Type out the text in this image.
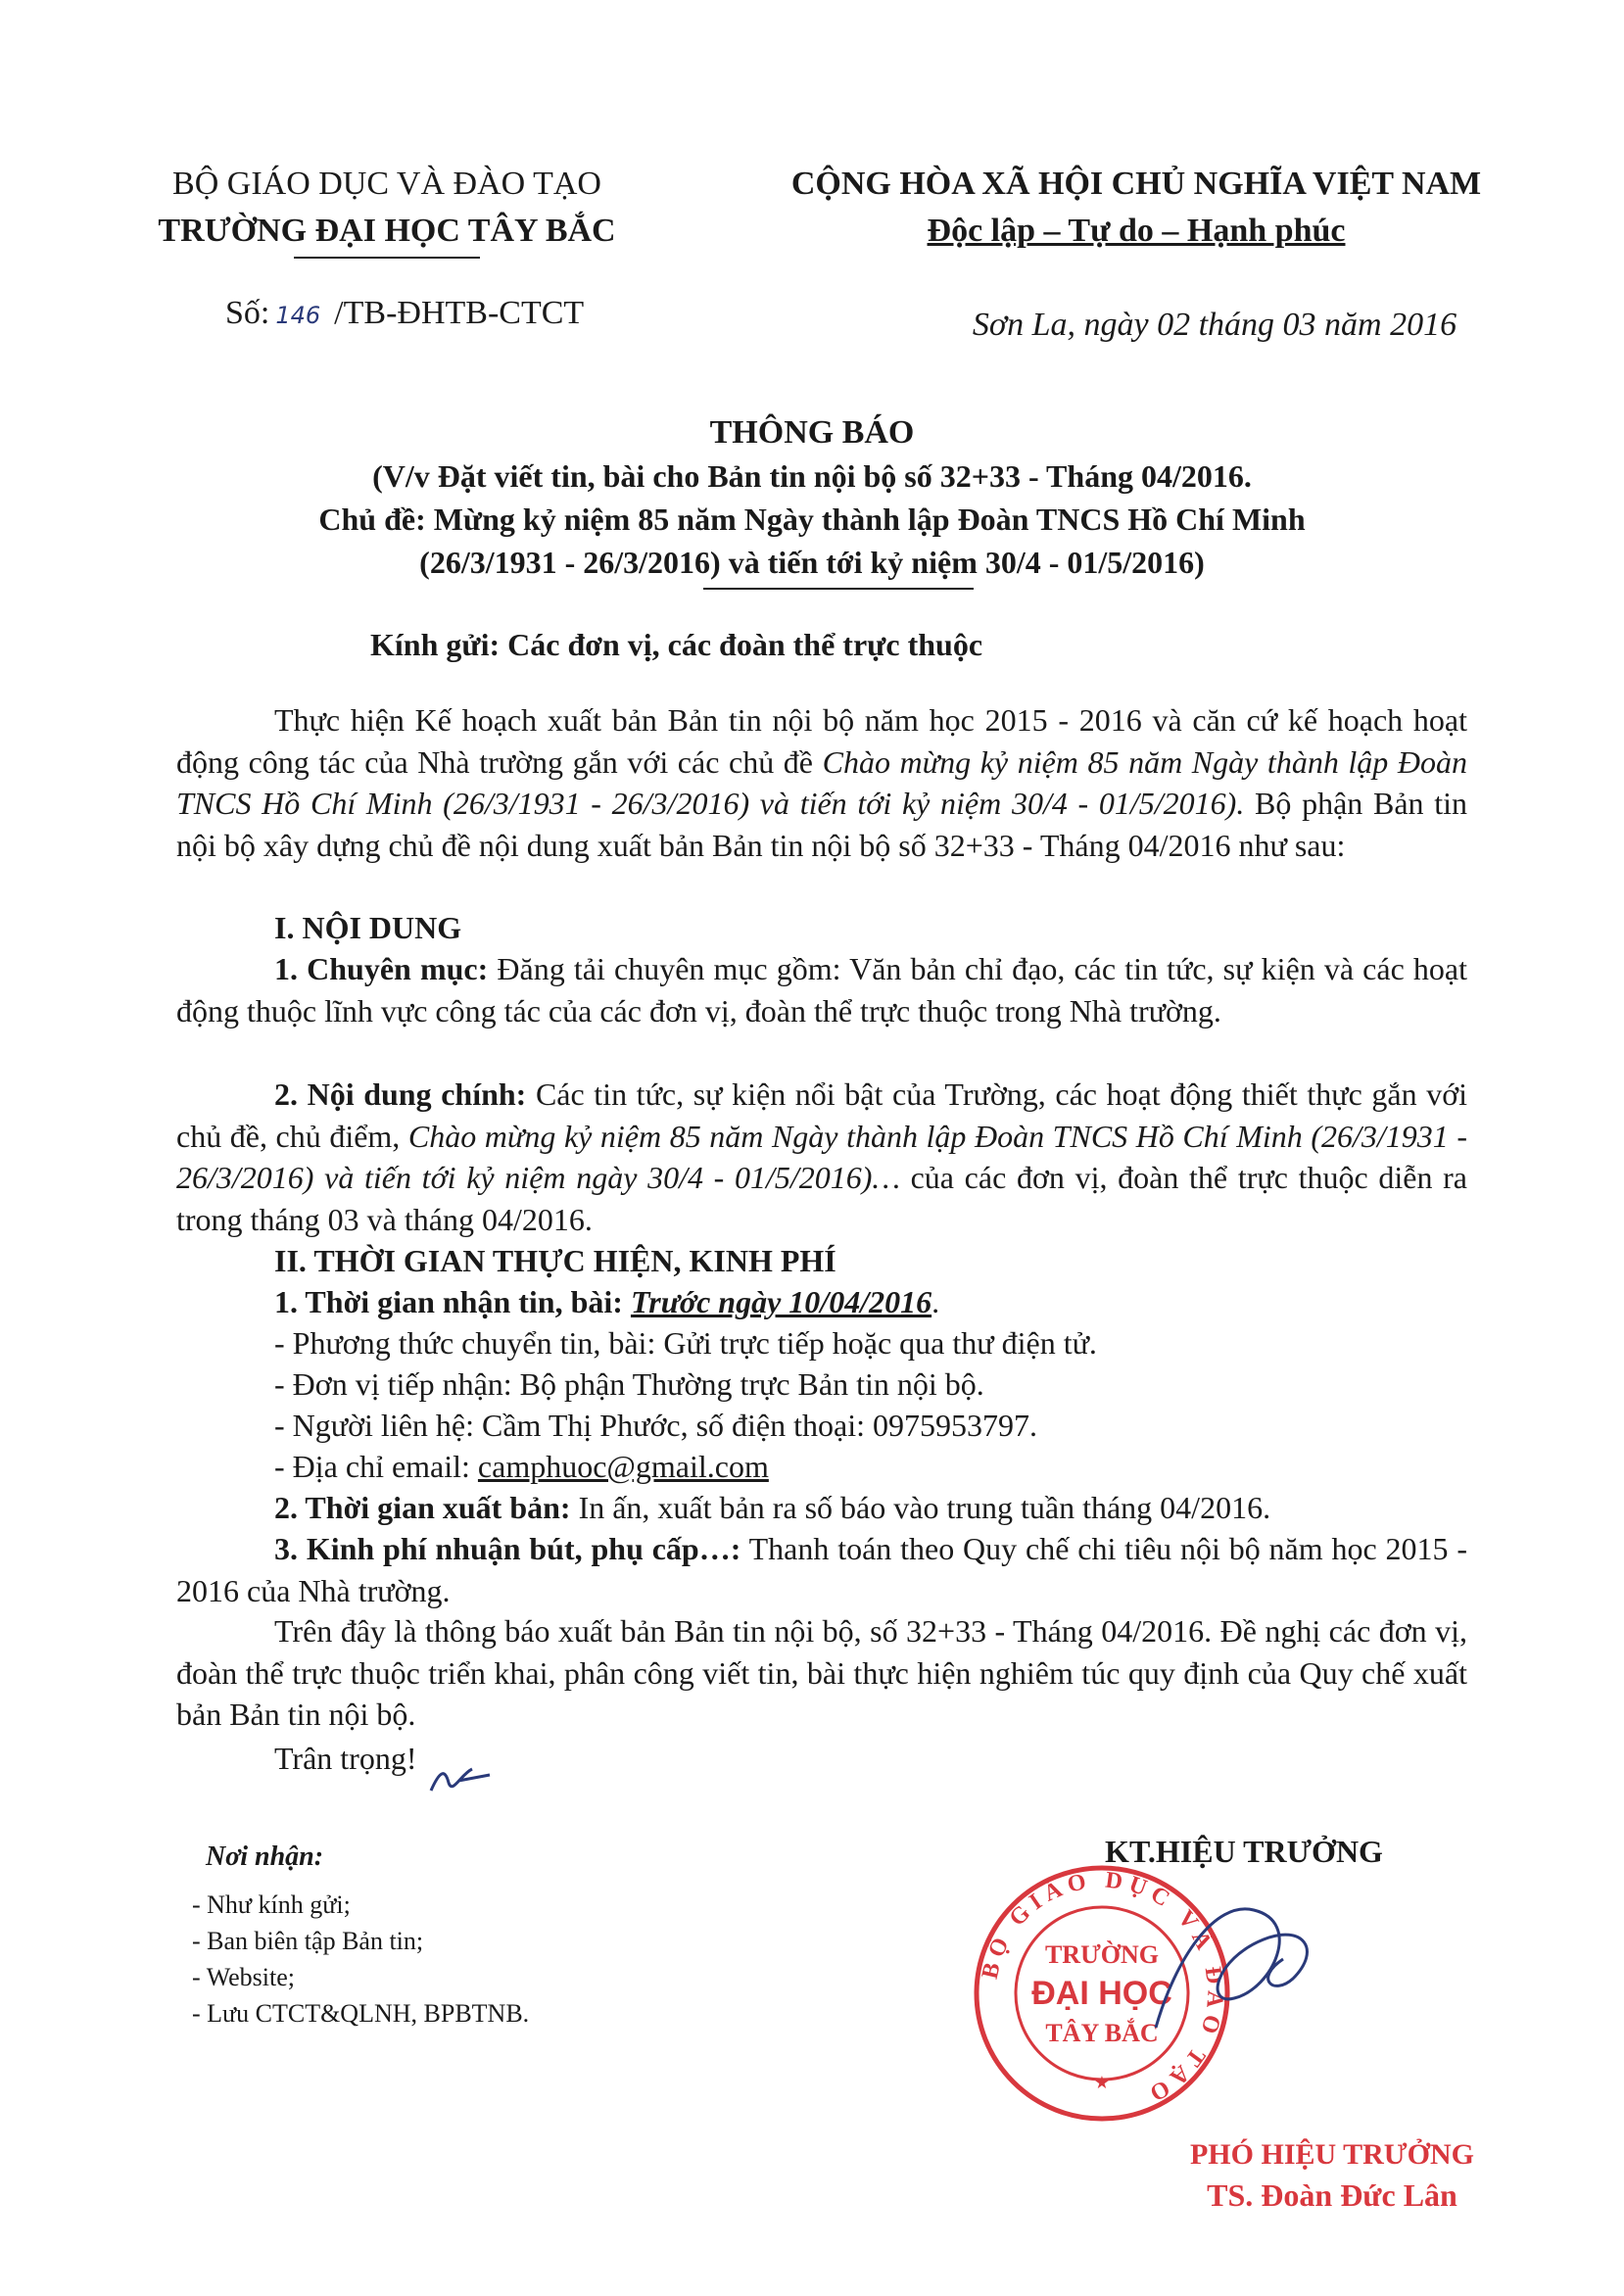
BỘ GIÁO DỤC VÀ ĐÀO TẠO
TRƯỜNG ĐẠI HỌC TÂY BẮC
Số: 146 /TB-ĐHTB-CTCT
CỘNG HÒA XÃ HỘI CHỦ NGHĨA VIỆT NAM
Độc lập – Tự do – Hạnh phúc
Sơn La, ngày 02 tháng 03 năm 2016
THÔNG BÁO
(V/v Đặt viết tin, bài cho Bản tin nội bộ số 32+33 - Tháng 04/2016.
Chủ đề: Mừng kỷ niệm 85 năm Ngày thành lập Đoàn TNCS Hồ Chí Minh
(26/3/1931 - 26/3/2016) và tiến tới kỷ niệm 30/4 - 01/5/2016)
Kính gửi: Các đơn vị, các đoàn thể trực thuộc
Thực hiện Kế hoạch xuất bản Bản tin nội bộ năm học 2015 - 2016 và căn cứ kế hoạch hoạt động công tác của Nhà trường gắn với các chủ đề Chào mừng kỷ niệm 85 năm Ngày thành lập Đoàn TNCS Hồ Chí Minh (26/3/1931 - 26/3/2016) và tiến tới kỷ niệm 30/4 - 01/5/2016). Bộ phận Bản tin nội bộ xây dựng chủ đề nội dung xuất bản Bản tin nội bộ số 32+33 - Tháng 04/2016 như sau:
I. NỘI DUNG
1. Chuyên mục: Đăng tải chuyên mục gồm: Văn bản chỉ đạo, các tin tức, sự kiện và các hoạt động thuộc lĩnh vực công tác của các đơn vị, đoàn thể trực thuộc trong Nhà trường.
2. Nội dung chính: Các tin tức, sự kiện nổi bật của Trường, các hoạt động thiết thực gắn với chủ đề, chủ điểm, Chào mừng kỷ niệm 85 năm Ngày thành lập Đoàn TNCS Hồ Chí Minh (26/3/1931 - 26/3/2016) và tiến tới kỷ niệm ngày 30/4 - 01/5/2016)… của các đơn vị, đoàn thể trực thuộc diễn ra trong tháng 03 và tháng 04/2016.
II. THỜI GIAN THỰC HIỆN, KINH PHÍ
1. Thời gian nhận tin, bài: Trước ngày 10/04/2016.
- Phương thức chuyển tin, bài: Gửi trực tiếp hoặc qua thư điện tử.
- Đơn vị tiếp nhận: Bộ phận Thường trực Bản tin nội bộ.
- Người liên hệ: Cầm Thị Phước, số điện thoại: 0975953797.
- Địa chỉ email: camphuoc@gmail.com
2. Thời gian xuất bản: In ấn, xuất bản ra số báo vào trung tuần tháng 04/2016.
3. Kinh phí nhuận bút, phụ cấp…: Thanh toán theo Quy chế chi tiêu nội bộ năm học 2015 - 2016 của Nhà trường.
Trên đây là thông báo xuất bản Bản tin nội bộ, số 32+33 - Tháng 04/2016. Đề nghị các đơn vị, đoàn thể trực thuộc triển khai, phân công viết tin, bài thực hiện nghiêm túc quy định của Quy chế xuất bản Bản tin nội bộ.
Trân trọng!
Nơi nhận:
- Như kính gửi;
- Ban biên tập Bản tin;
- Website;
- Lưu CTCT&QLNH, BPBTNB.
KT.HIỆU TRƯỞNG
BỘ GIÁO DỤC VÀ ĐÀO TẠO
TRƯỜNG
ĐẠI HỌC
TÂY BẮC
★
PHÓ HIỆU TRƯỞNG
TS. Đoàn Đức Lân
